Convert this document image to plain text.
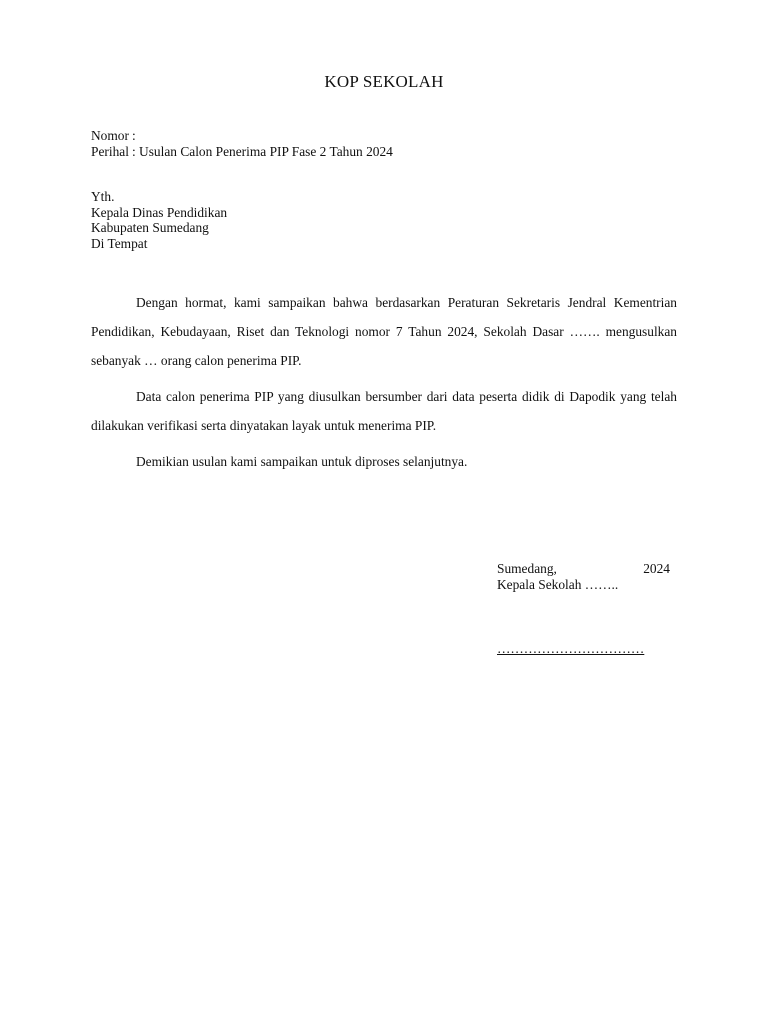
KOP SEKOLAH
Nomor :
Perihal : Usulan Calon Penerima PIP Fase 2 Tahun 2024
Yth.
Kepala Dinas Pendidikan
Kabupaten Sumedang
Di Tempat

Dengan hormat, kami sampaikan bahwa berdasarkan Peraturan Sekretaris Jendral Kementrian Pendidikan, Kebudayaan, Riset dan Teknologi nomor 7 Tahun 2024, Sekolah Dasar ……. mengusulkan sebanyak … orang calon penerima PIP.

Data calon penerima PIP yang diusulkan bersumber dari data peserta didik di Dapodik yang telah dilakukan verifikasi serta dinyatakan layak untuk menerima PIP.

Demikian usulan kami sampaikan untuk diproses selanjutnya.

Sumedang,	2024
Kepala Sekolah ……..
……………………………
